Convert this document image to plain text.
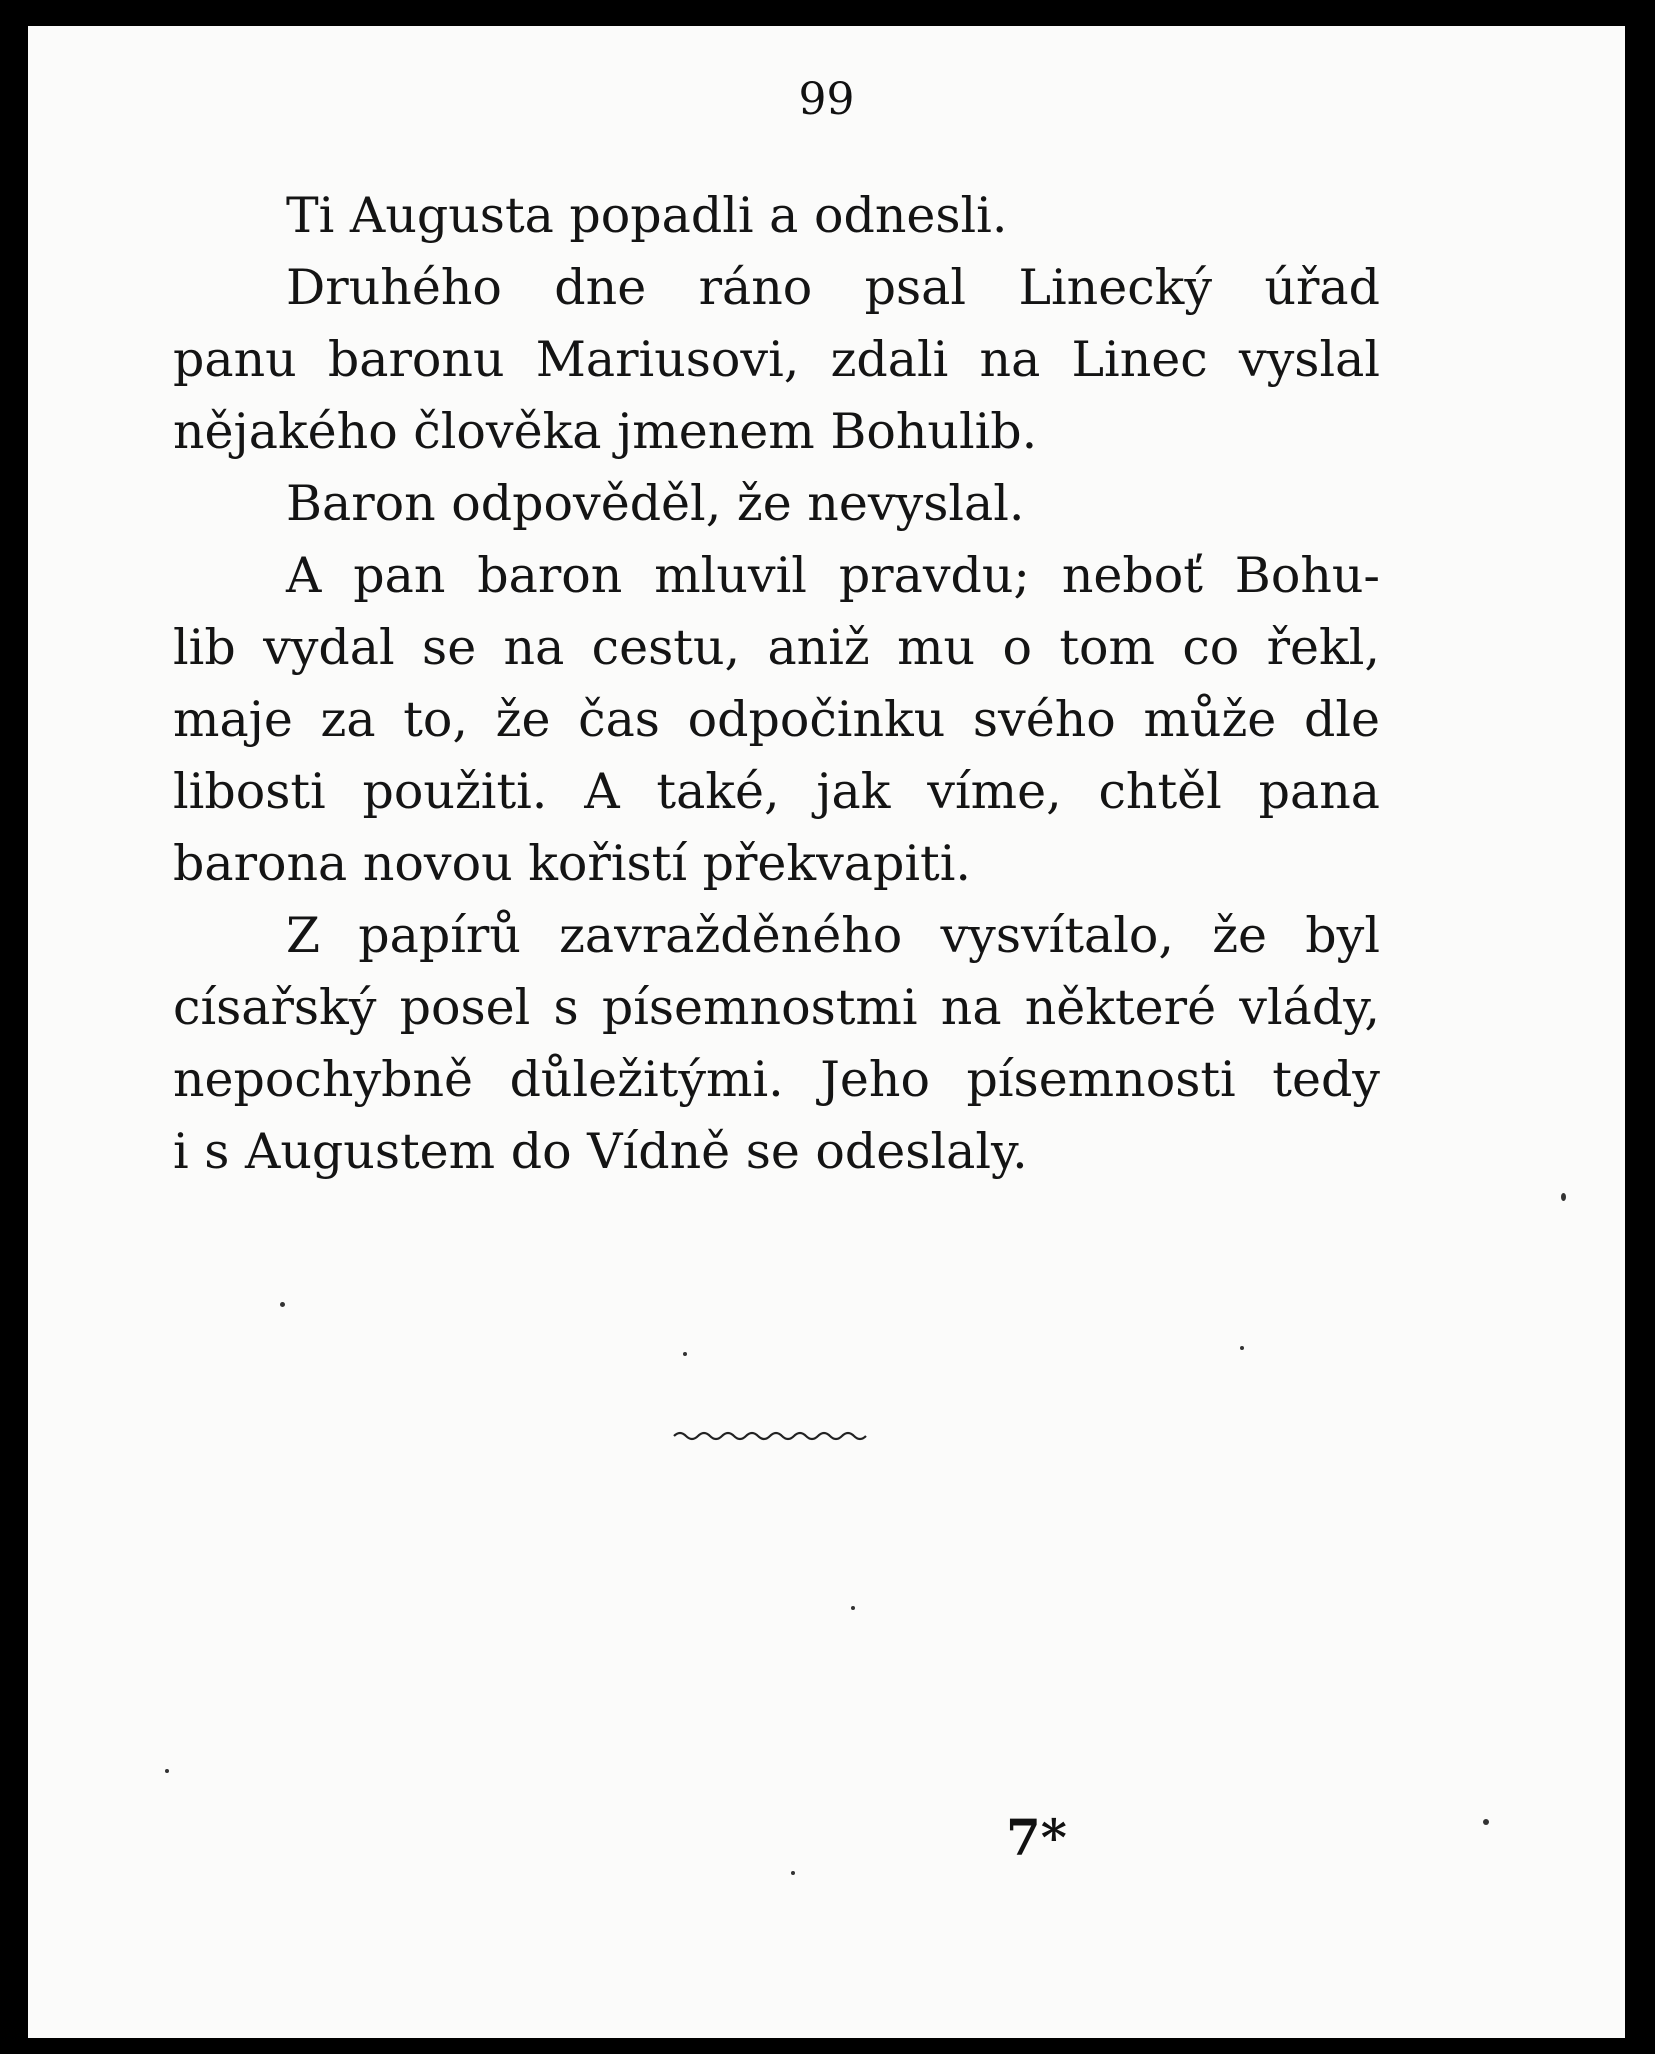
99
Ti Augusta popadli a odnesli.
Druhého dne ráno psal Linecký úřad
panu baronu Mariusovi, zdali na Linec vyslal
nějakého člověka jmenem Bohulib.
Baron odpověděl, že nevyslal.
A pan baron mluvil pravdu; neboť Bohu-
lib vydal se na cestu, aniž mu o tom co řekl,
maje za to, že čas odpočinku svého může dle
libosti použiti. A také, jak víme, chtěl pana
barona novou kořistí překvapiti.
Z papírů zavražděného vysvítalo, že byl
císařský posel s písemnostmi na některé vlády,
nepochybně důležitými. Jeho písemnosti tedy
i s Augustem do Vídně se odeslaly.
7*
